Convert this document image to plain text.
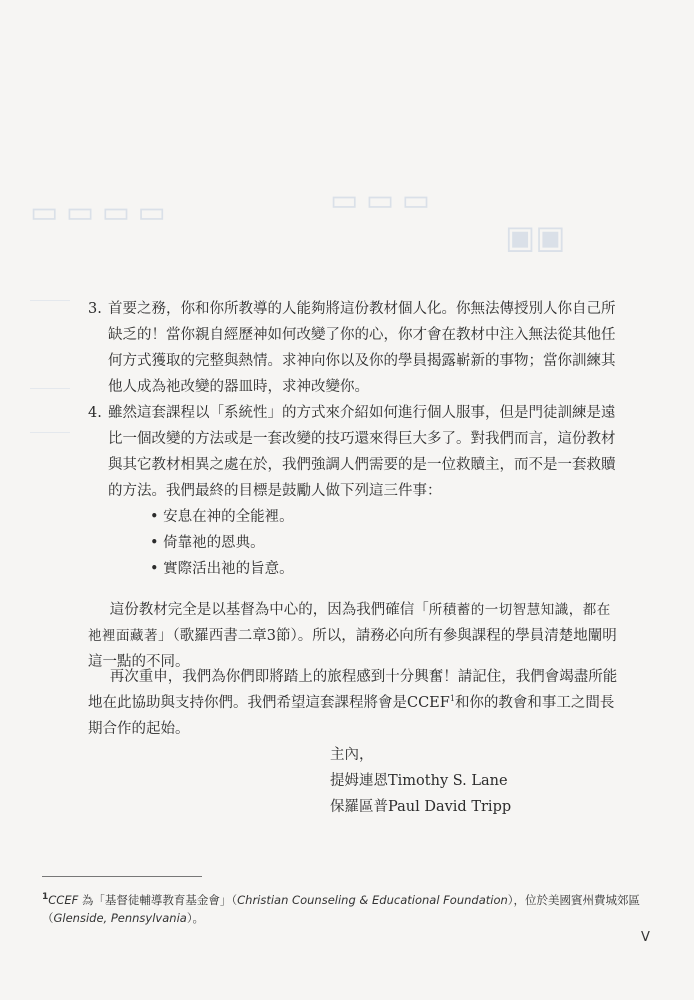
▭ ▭ ▭ ▭	▭ ▭ ▭
▣▣
3. 首要之務，你和你所教導的人能夠將這份教材個人化。你無法傳授別人你自己所缺乏的！當你親自經歷神如何改變了你的心，你才會在教材中注入無法從其他任何方式獲取的完整與熱情。求神向你以及你的學員揭露嶄新的事物；當你訓練其他人成為祂改變的器皿時，求神改變你。
4. 雖然這套課程以「系統性」的方式來介紹如何進行個人服事，但是門徒訓練是遠比一個改變的方法或是一套改變的技巧還來得巨大多了。對我們而言，這份教材與其它教材相異之處在於，我們強調人們需要的是一位救贖主，而不是一套救贖的方法。我們最終的目標是鼓勵人做下列這三件事：
• 安息在神的全能裡。
• 倚靠祂的恩典。
• 實際活出祂的旨意。

  這份教材完全是以基督為中心的，因為我們確信「所積蓄的一切智慧知識，都在祂裡面藏著」（歌羅西書二章3節）。所以，請務必向所有參與課程的學員清楚地闡明這一點的不同。

  再次重申，我們為你們即將踏上的旅程感到十分興奮！請記住，我們會竭盡所能地在此協助與支持你們。我們希望這套課程將會是CCEF$^1$和你的教會和事工之間長期合作的起始。

主內，
提姆連恩Timothy S. Lane
保羅區普Paul David Tripp

$^1$CCEF 為「基督徒輔導教育基金會」（Christian Counseling & Educational Foundation），位於美國賓州費城郊區（Glenside, Pennsylvania）。

V
